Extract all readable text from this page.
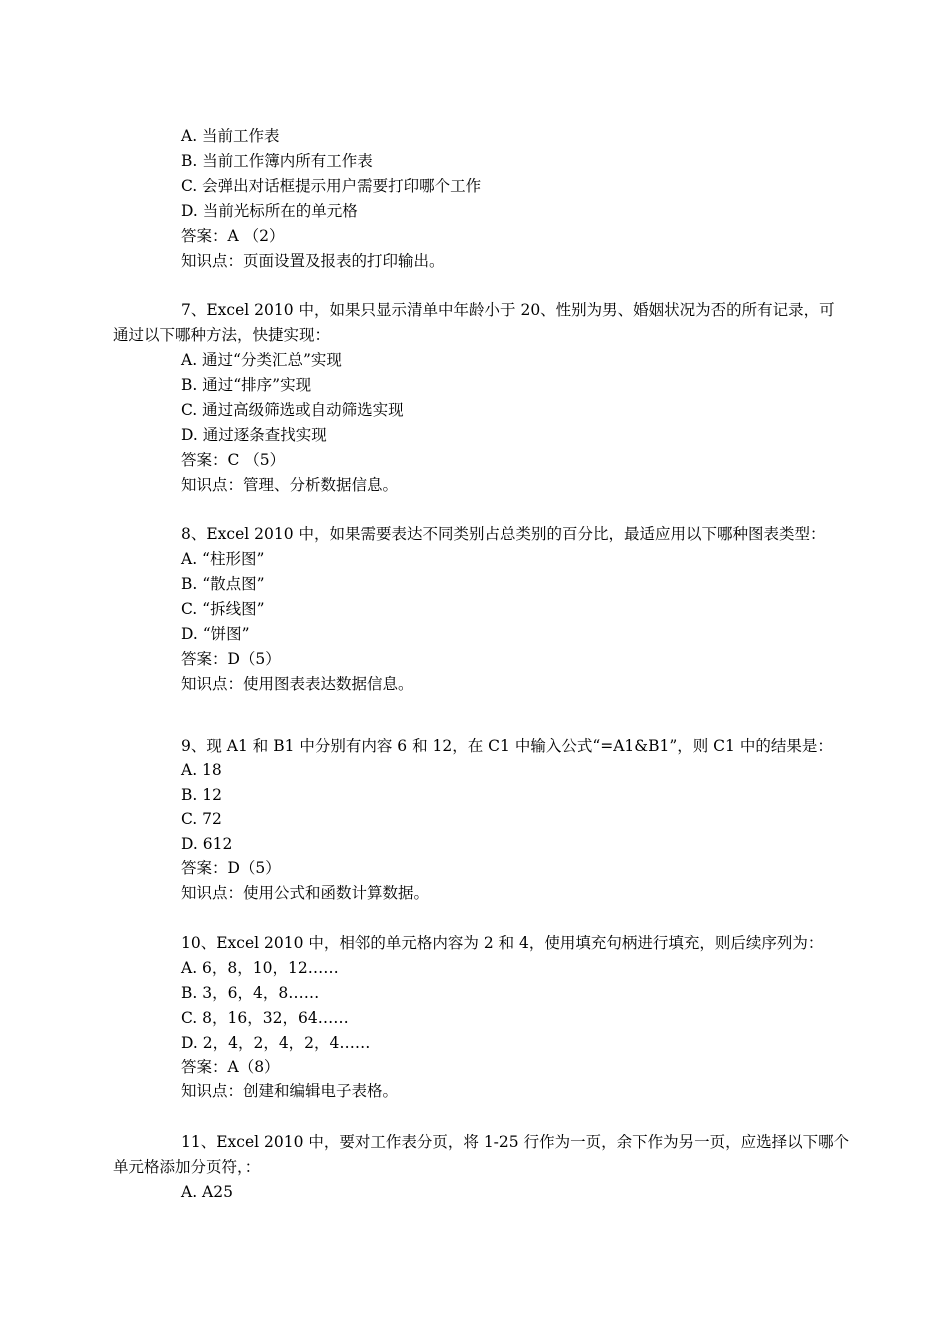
A. 当前工作表
B. 当前工作簿内所有工作表
C. 会弹出对话框提示用户需要打印哪个工作
D. 当前光标所在的单元格
答案：A （2）
知识点：页面设置及报表的打印输出。
7、Excel 2010 中，如果只显示清单中年龄小于 20、性别为男、婚姻状况为否的所有记录，可
通过以下哪种方法，快捷实现：
A. 通过“分类汇总”实现
B. 通过“排序”实现
C. 通过高级筛选或自动筛选实现
D. 通过逐条查找实现
答案：C （5）
知识点：管理、分析数据信息。
8、Excel 2010 中，如果需要表达不同类别占总类别的百分比，最适应用以下哪种图表类型：
A. “柱形图”
B. “散点图”
C. “拆线图”
D. “饼图”
答案：D（5）
知识点：使用图表表达数据信息。
9、现 A1 和 B1 中分别有内容 6 和 12，在 C1 中输入公式“=A1&B1”，则 C1 中的结果是：
A. 18
B. 12
C. 72
D. 612
答案：D（5）
知识点：使用公式和函数计算数据。
10、Excel 2010 中，相邻的单元格内容为 2 和 4，使用填充句柄进行填充，则后续序列为：
A. 6，8，10，12……
B. 3，6，4，8……
C. 8，16，32，64……
D. 2，4，2，4，2，4……
答案：A（8）
知识点：创建和编辑电子表格。
11、Excel 2010 中，要对工作表分页，将 1-25 行作为一页，余下作为另一页，应选择以下哪个
单元格添加分页符，：
A. A25
